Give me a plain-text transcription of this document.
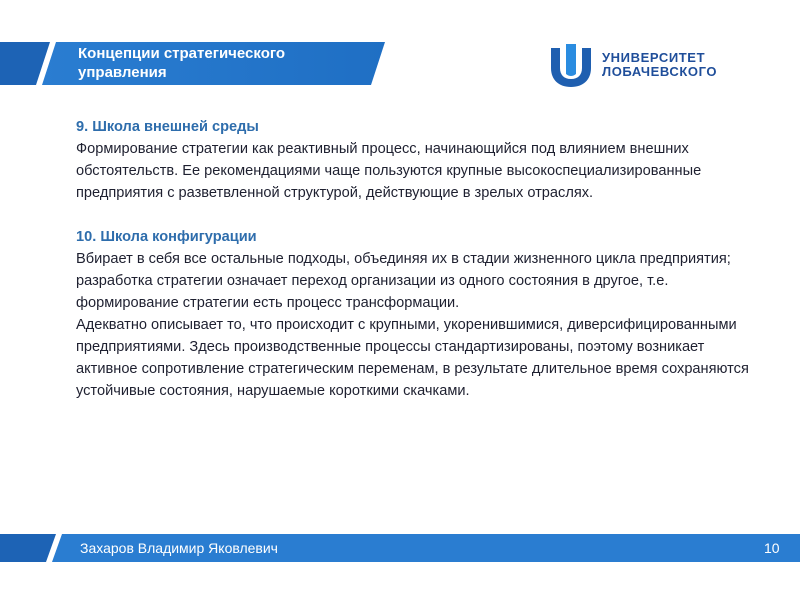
Концепции стратегического управления
УНИВЕРСИТЕТ
ЛОБАЧЕВСКОГО

9. Школа внешней среды

Формирование стратегии как реактивный процесс, начинающийся под влиянием внешних обстоятельств. Ее рекомендациями чаще пользуются крупные высокоспециализированные предприятия с разветвленной структурой, действующие в зрелых отраслях.

10. Школа конфигурации

Вбирает в себя все остальные подходы, объединяя их в стадии жизненного цикла предприятия; разработка стратегии означает переход организации из одного состояния в другое, т.е. формирование стратегии есть процесс трансформации.

Адекватно описывает то, что происходит с крупными, укоренившимися, диверсифицированными предприятиями. Здесь производственные процессы стандартизированы, поэтому возникает активное сопротивление стратегическим переменам, в результате длительное время сохраняются устойчивые состояния, нарушаемые короткими скачками.

Захаров Владимир Яковлевич	10
